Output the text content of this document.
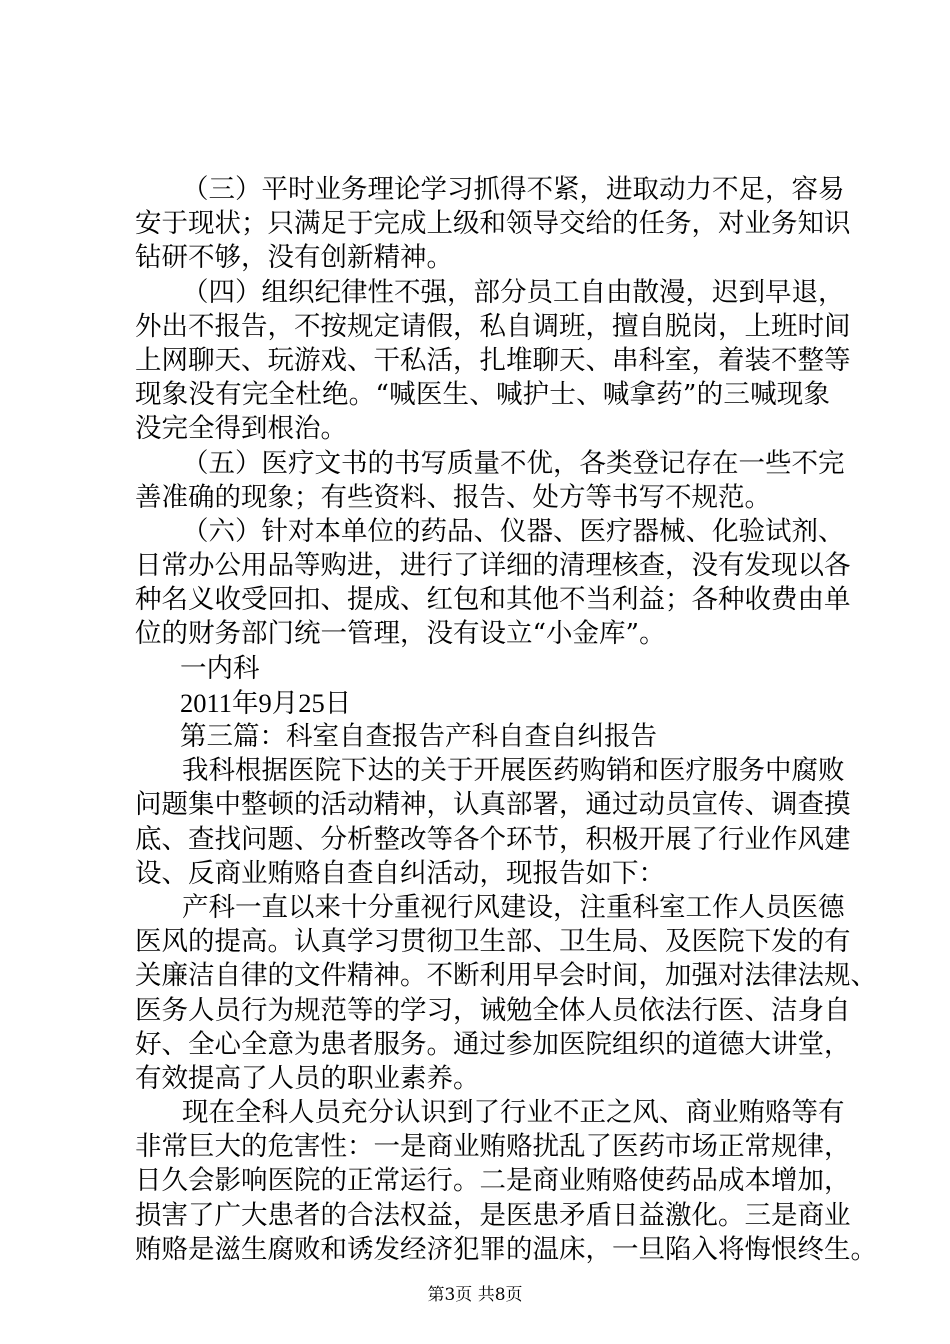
（三）平时业务理论学习抓得不紧，进取动力不足，容易
安于现状；只满足于完成上级和领导交给的任务，对业务知识
钻研不够，没有创新精神。
（四）组织纪律性不强，部分员工自由散漫，迟到早退，
外出不报告，不按规定请假，私自调班，擅自脱岗，上班时间
上网聊天、玩游戏、干私活，扎堆聊天、串科室，着装不整等
现象没有完全杜绝。“喊医生、喊护士、喊拿药”的三喊现象
没完全得到根治。
（五）医疗文书的书写质量不优，各类登记存在一些不完
善准确的现象；有些资料、报告、处方等书写不规范。
（六）针对本单位的药品、仪器、医疗器械、化验试剂、
日常办公用品等购进，进行了详细的清理核查，没有发现以各
种名义收受回扣、提成、红包和其他不当利益；各种收费由单
位的财务部门统一管理，没有设立“小金库”。
一内科
2011年9月25日
第三篇：科室自查报告产科自查自纠报告
我科根据医院下达的关于开展医药购销和医疗服务中腐败
问题集中整顿的活动精神，认真部署，通过动员宣传、调查摸
底、查找问题、分析整改等各个环节，积极开展了行业作风建
设、反商业贿赂自查自纠活动，现报告如下：
产科一直以来十分重视行风建设，注重科室工作人员医德
医风的提高。认真学习贯彻卫生部、卫生局、及医院下发的有
关廉洁自律的文件精神。不断利用早会时间，加强对法律法规、
医务人员行为规范等的学习，诫勉全体人员依法行医、洁身自
好、全心全意为患者服务。通过参加医院组织的道德大讲堂，
有效提高了人员的职业素养。
现在全科人员充分认识到了行业不正之风、商业贿赂等有
非常巨大的危害性：一是商业贿赂扰乱了医药市场正常规律，
日久会影响医院的正常运行。二是商业贿赂使药品成本增加，
损害了广大患者的合法权益，是医患矛盾日益激化。三是商业
贿赂是滋生腐败和诱发经济犯罪的温床，一旦陷入将悔恨终生。
第3页 共8页
